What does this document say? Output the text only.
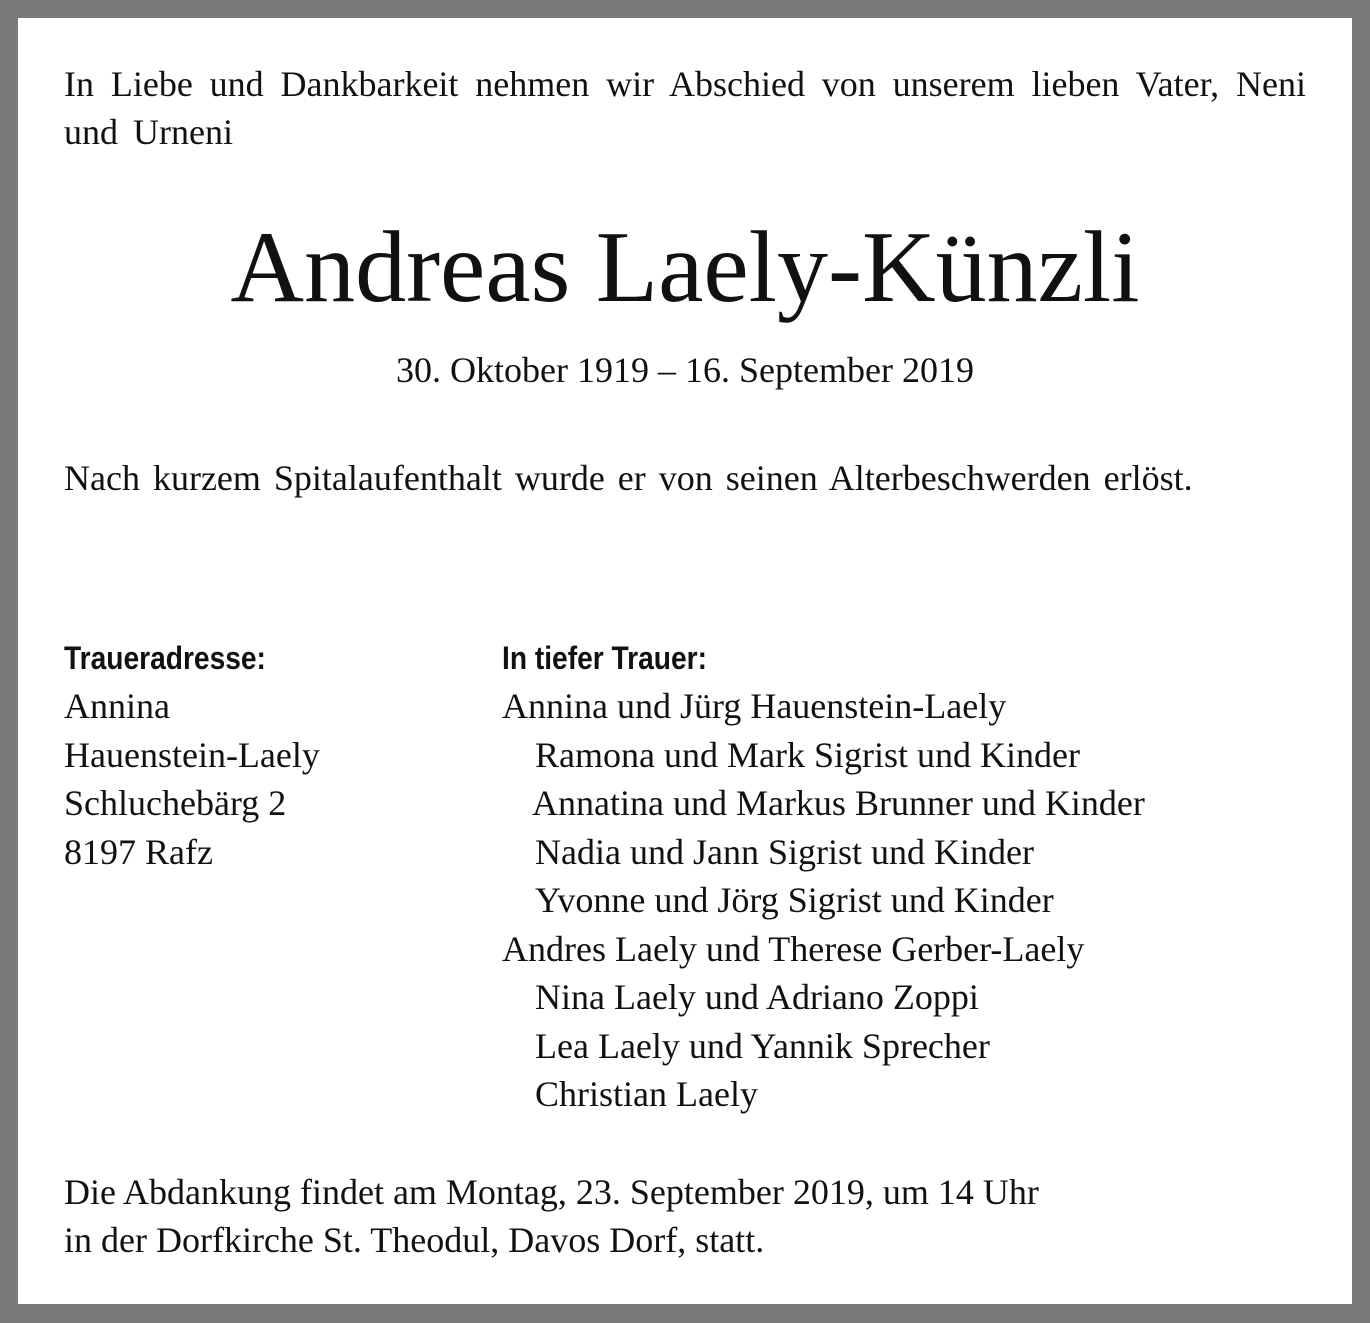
In Liebe und Dankbarkeit nehmen wir Abschied von unserem lieben Vater, Neni und Urneni

Andreas Laely-Künzli
30. Oktober 1919 – 16. September 2019

Nach kurzem Spitalaufenthalt wurde er von seinen Alterbeschwerden erlöst.

Traueradresse:
Annina
Hauenstein-Laely
Schluchebärg 2
8197 Rafz
In tiefer Trauer:
Annina und Jürg Hauenstein-Laely
Ramona und Mark Sigrist und Kinder
Annatina und Markus Brunner und Kinder
Nadia und Jann Sigrist und Kinder
Yvonne und Jörg Sigrist und Kinder
Andres Laely und Therese Gerber-Laely
Nina Laely und Adriano Zoppi
Lea Laely und Yannik Sprecher
Christian Laely
Die Abdankung findet am Montag, 23. September 2019, um 14 Uhr
in der Dorfkirche St. Theodul, Davos Dorf, statt.
